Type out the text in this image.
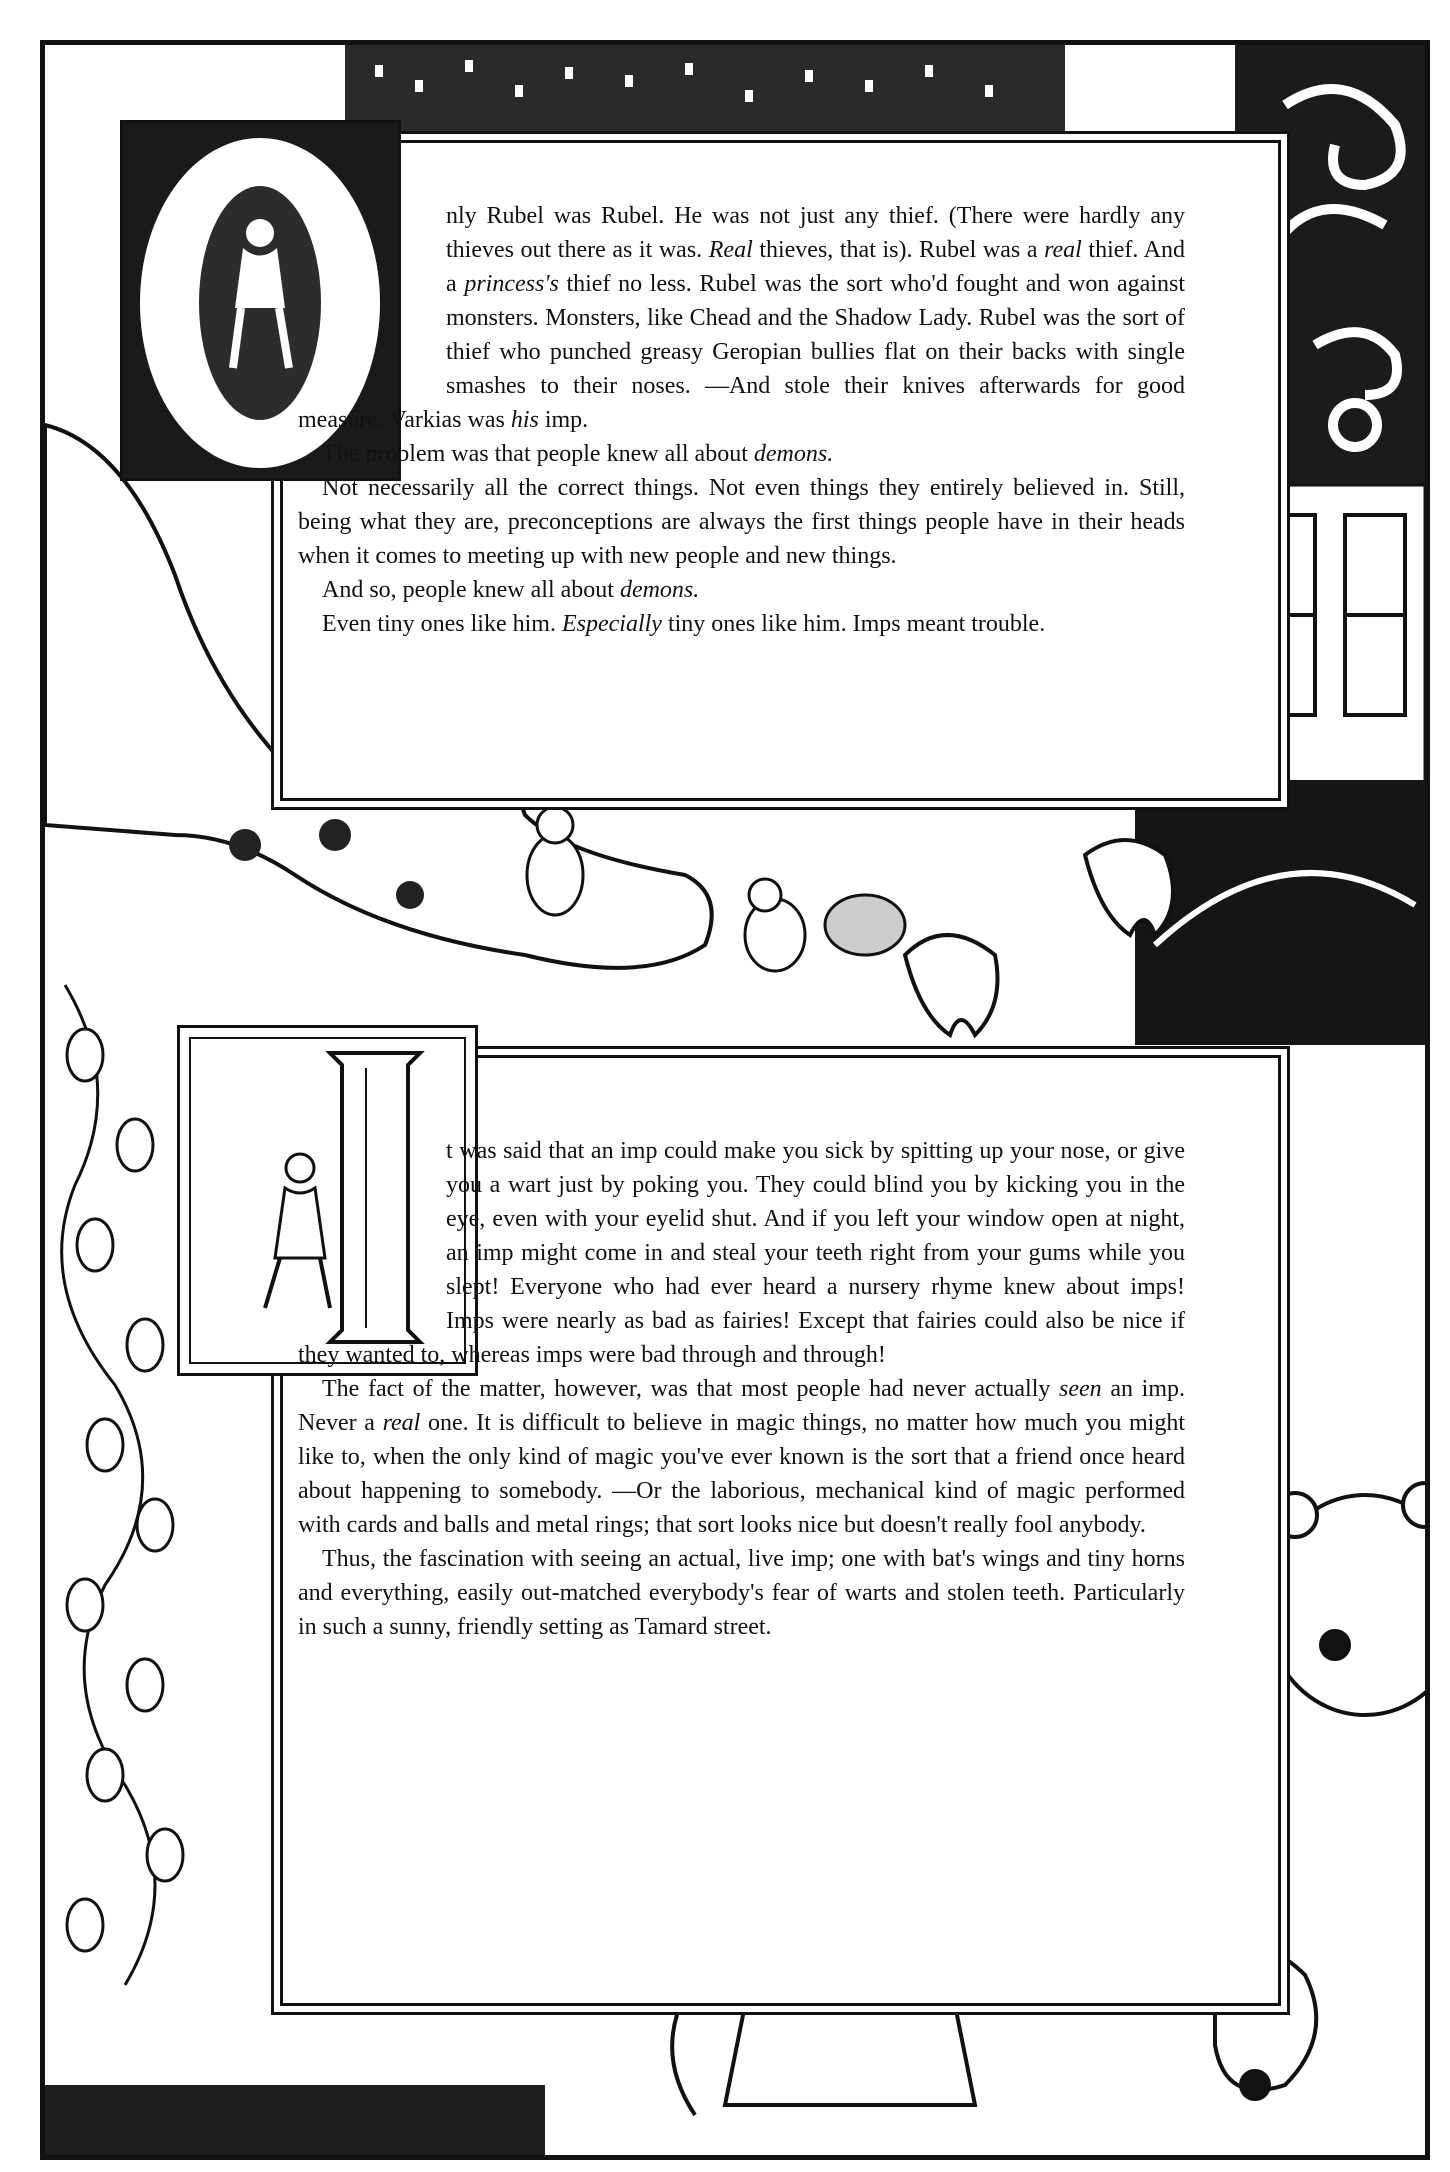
nly Rubel was Rubel. He was not just any thief. (There were hardly any thieves out there as it was. Real thieves, that is). Rubel was a real thief. And a princess's thief no less. Rubel was the sort who'd fought and won against monsters. Monsters, like Chead and the Shadow Lady. Rubel was the sort of thief who punched greasy Geropian bullies flat on their backs with single smashes to their noses. —And stole their knives afterwards for good measure. Varkias was his imp.

The problem was that people knew all about demons.

Not necessarily all the correct things. Not even things they entirely believed in. Still, being what they are, preconceptions are always the first things people have in their heads when it comes to meeting up with new people and new things.

And so, people knew all about demons.

Even tiny ones like him. Especially tiny ones like him. Imps meant trouble.

t was said that an imp could make you sick by spitting up your nose, or give you a wart just by poking you. They could blind you by kicking you in the eye, even with your eyelid shut. And if you left your window open at night, an imp might come in and steal your teeth right from your gums while you slept! Everyone who had ever heard a nursery rhyme knew about imps! Imps were nearly as bad as fairies! Except that fairies could also be nice if they wanted to, whereas imps were bad through and through!

The fact of the matter, however, was that most people had never actually seen an imp. Never a real one. It is difficult to believe in magic things, no matter how much you might like to, when the only kind of magic you've ever known is the sort that a friend once heard about happening to somebody. —Or the laborious, mechanical kind of magic performed with cards and balls and metal rings; that sort looks nice but doesn't really fool anybody.

Thus, the fascination with seeing an actual, live imp; one with bat's wings and tiny horns and everything, easily out-matched everybody's fear of warts and stolen teeth. Particularly in such a sunny, friendly setting as Tamard street.
